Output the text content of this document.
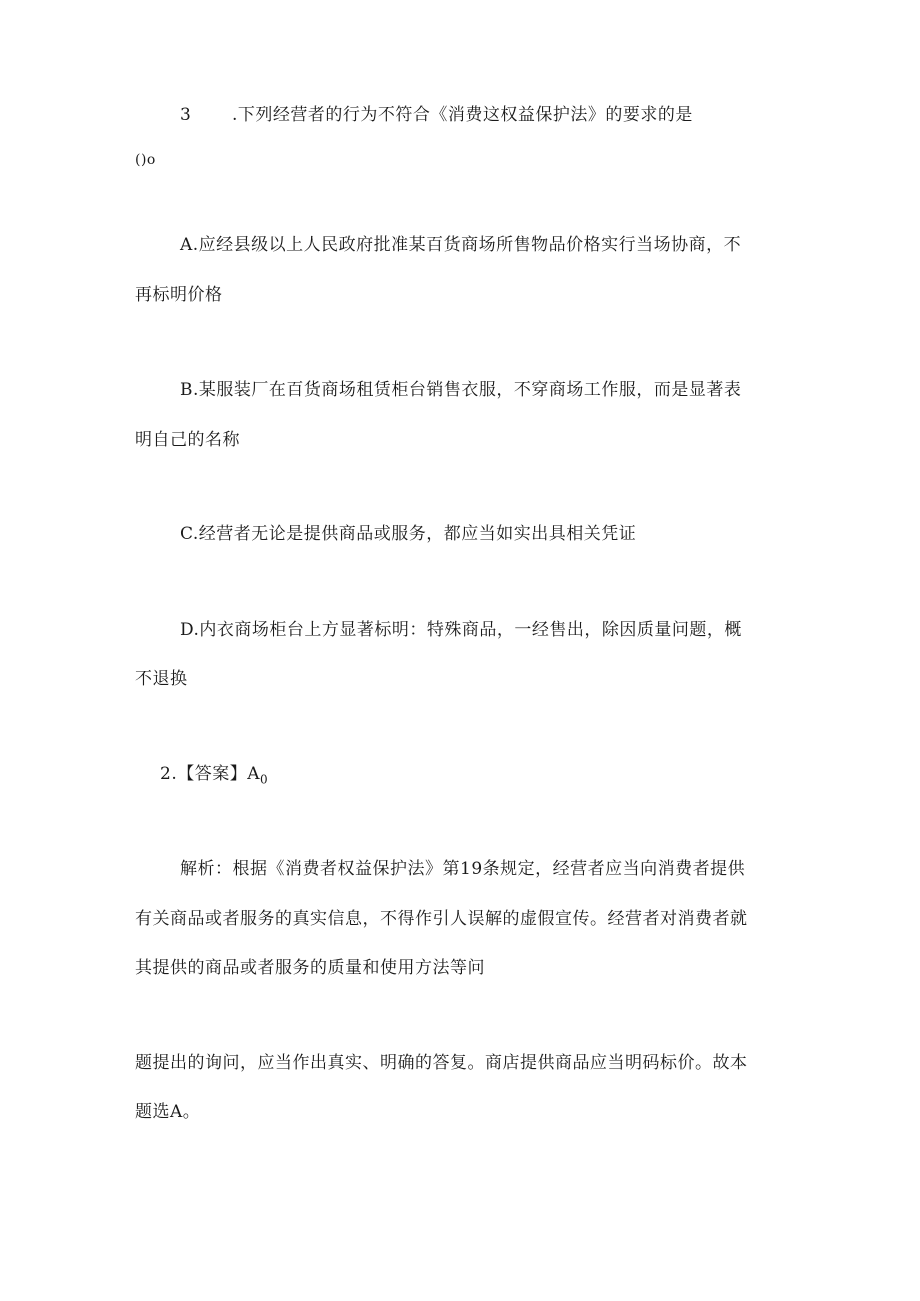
3 .下列经营者的行为不符合《消费这权益保护法》的要求的是
()o
A.应经县级以上人民政府批准某百货商场所售物品价格实行当场协商，不
再标明价格
B.某服装厂在百货商场租赁柜台销售衣服，不穿商场工作服，而是显著表
明自己的名称
C.经营者无论是提供商品或服务，都应当如实出具相关凭证
D.内衣商场柜台上方显著标明：特殊商品，一经售出，除因质量问题，概
不退换
2.【答案】$A_0$
解析：根据《消费者权益保护法》第19条规定，经营者应当向消费者提供
有关商品或者服务的真实信息，不得作引人误解的虚假宣传。经营者对消费者就
其提供的商品或者服务的质量和使用方法等问
题提出的询问，应当作出真实、明确的答复。商店提供商品应当明码标价。故本
题选A。
